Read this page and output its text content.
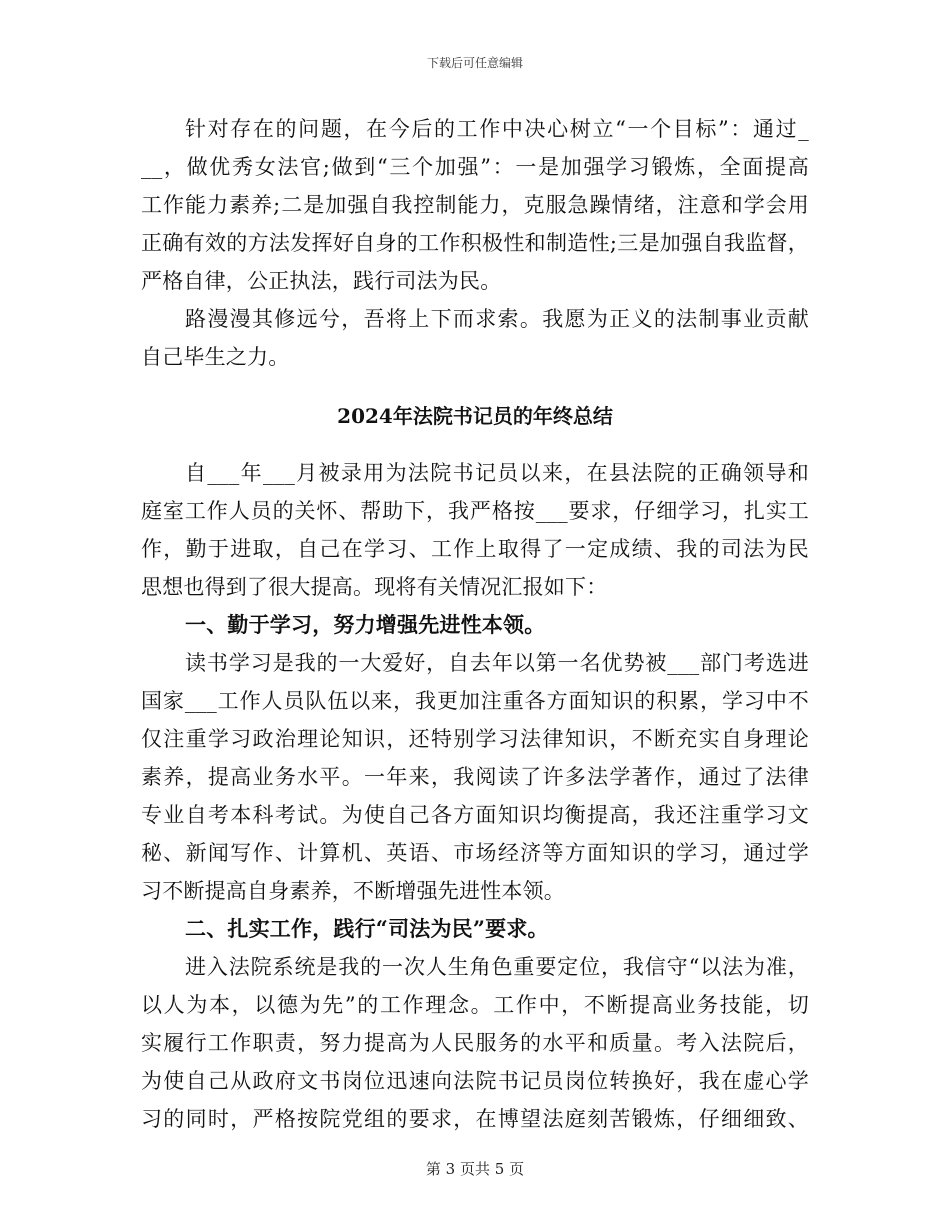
下载后可任意编辑
针对存在的问题，在今后的工作中决心树立“一个目标”：通过_
__，做优秀女法官;做到“三个加强”：一是加强学习锻炼，全面提高
工作能力素养;二是加强自我控制能力，克服急躁情绪，注意和学会用
正确有效的方法发挥好自身的工作积极性和制造性;三是加强自我监督，
严格自律，公正执法，践行司法为民。
路漫漫其修远兮，吾将上下而求索。我愿为正义的法制事业贡献
自己毕生之力。
2024年法院书记员的年终总结
自___年___月被录用为法院书记员以来，在县法院的正确领导和
庭室工作人员的关怀、帮助下，我严格按___要求，仔细学习，扎实工
作，勤于进取，自己在学习、工作上取得了一定成绩、我的司法为民
思想也得到了很大提高。现将有关情况汇报如下：
一、勤于学习，努力增强先进性本领。
读书学习是我的一大爱好，自去年以第一名优势被___部门考选进
国家___工作人员队伍以来，我更加注重各方面知识的积累，学习中不
仅注重学习政治理论知识，还特别学习法律知识，不断充实自身理论
素养，提高业务水平。一年来，我阅读了许多法学著作，通过了法律
专业自考本科考试。为使自己各方面知识均衡提高，我还注重学习文
秘、新闻写作、计算机、英语、市场经济等方面知识的学习，通过学
习不断提高自身素养，不断增强先进性本领。
二、扎实工作，践行“司法为民”要求。
进入法院系统是我的一次人生角色重要定位，我信守“以法为准，
以人为本，以德为先”的工作理念。工作中，不断提高业务技能，切
实履行工作职责，努力提高为人民服务的水平和质量。考入法院后，
为使自己从政府文书岗位迅速向法院书记员岗位转换好，我在虚心学
习的同时，严格按院党组的要求，在博望法庭刻苦锻炼，仔细细致、
第 3 页共 5 页
